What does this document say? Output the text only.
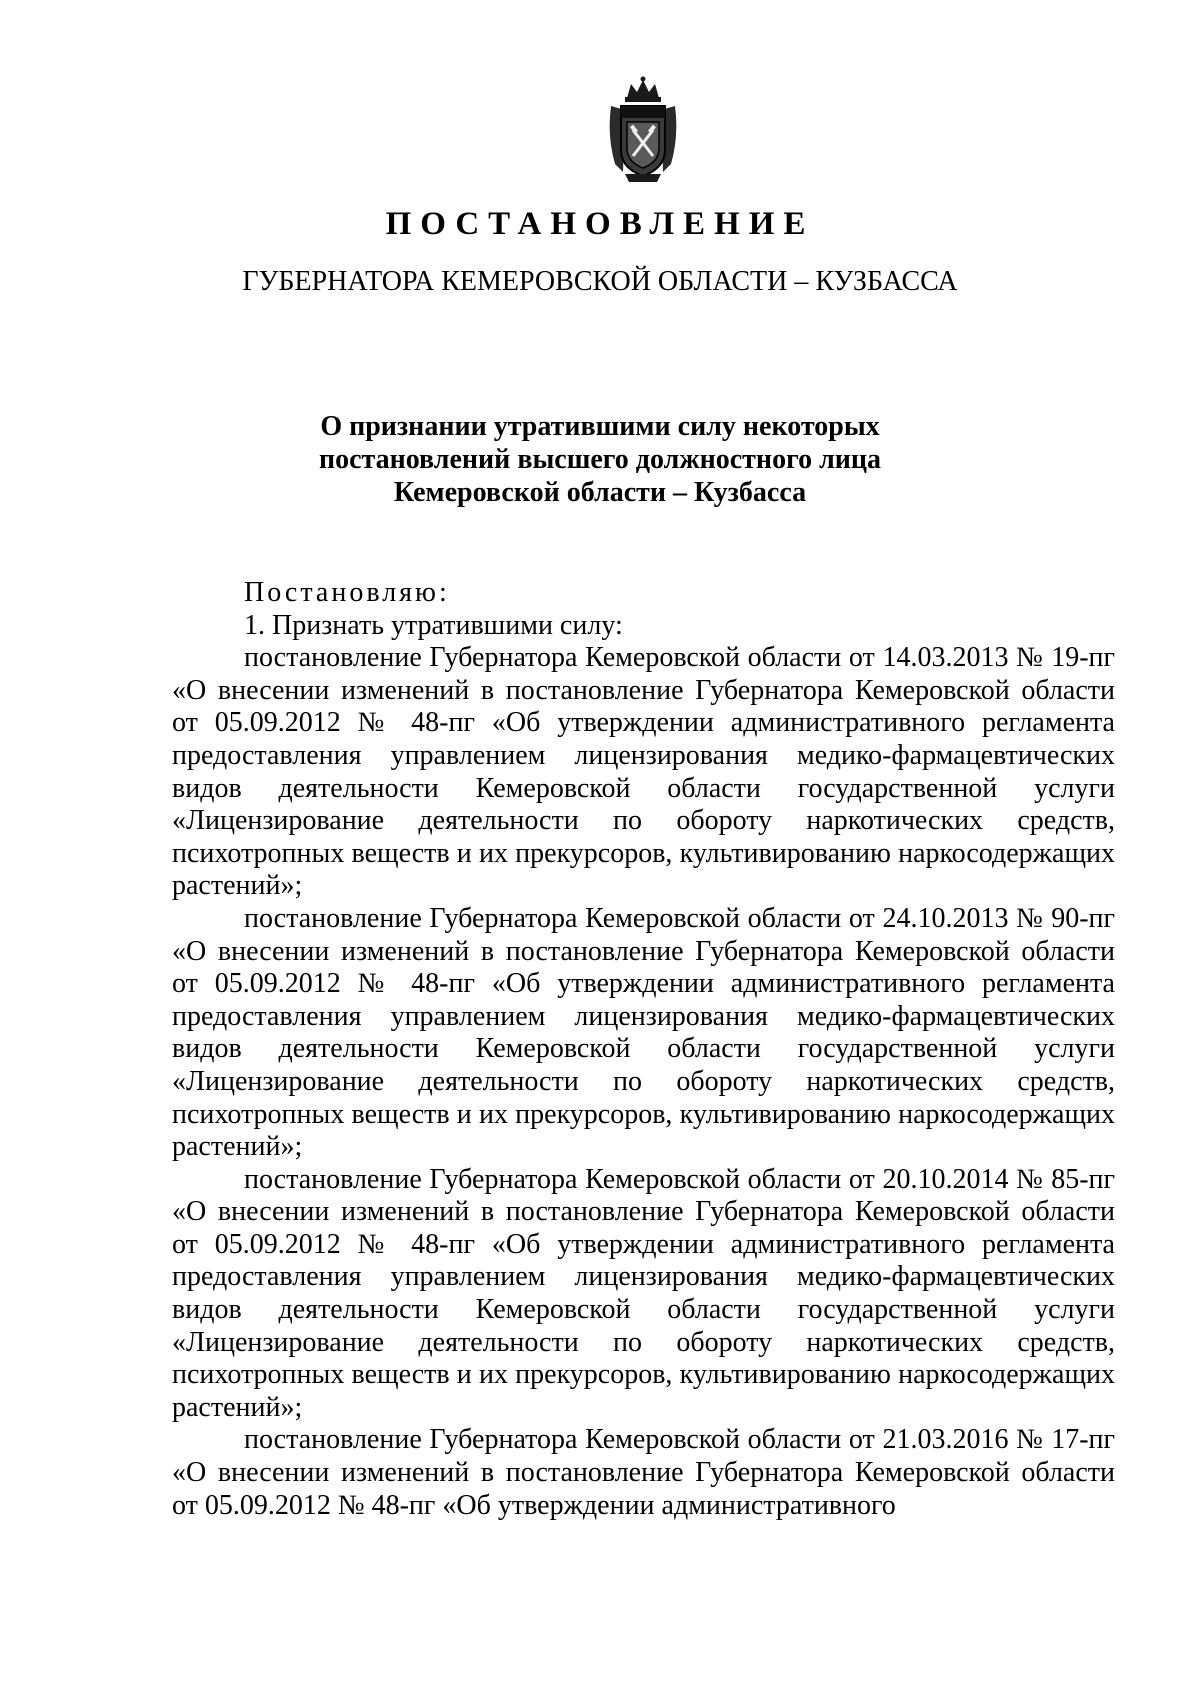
ПОСТАНОВЛЕНИЕ
ГУБЕРНАТОРА КЕМЕРОВСКОЙ ОБЛАСТИ – КУЗБАССА
О признании утратившими силу некоторых
постановлений высшего должностного лица
Кемеровской области – Кузбасса

Постановляю:

1. Признать утратившими силу:

постановление Губернатора Кемеровской области от 14.03.2013 № 19-пг «О внесении изменений в постановление Губернатора Кемеровской области от 05.09.2012 № 48-пг «Об утверждении административного регламента предоставления управлением лицензирования медико-фармацевтических видов деятельности Кемеровской области государственной услуги «Лицензирование деятельности по обороту наркотических средств, психотропных веществ и их прекурсоров, культивированию наркосодержащих растений»;

постановление Губернатора Кемеровской области от 24.10.2013 № 90-пг «О внесении изменений в постановление Губернатора Кемеровской области от 05.09.2012 № 48-пг «Об утверждении административного регламента предоставления управлением лицензирования медико-фармацевтических видов деятельности Кемеровской области государственной услуги «Лицензирование деятельности по обороту наркотических средств, психотропных веществ и их прекурсоров, культивированию наркосодержащих растений»;

постановление Губернатора Кемеровской области от 20.10.2014 № 85-пг «О внесении изменений в постановление Губернатора Кемеровской области от 05.09.2012 № 48-пг «Об утверждении административного регламента предоставления управлением лицензирования медико-фармацевтических видов деятельности Кемеровской области государственной услуги «Лицензирование деятельности по обороту наркотических средств, психотропных веществ и их прекурсоров, культивированию наркосодержащих растений»;

постановление Губернатора Кемеровской области от 21.03.2016 № 17-пг «О внесении изменений в постановление Губернатора Кемеровской области от 05.09.2012 № 48-пг «Об утверждении административного
